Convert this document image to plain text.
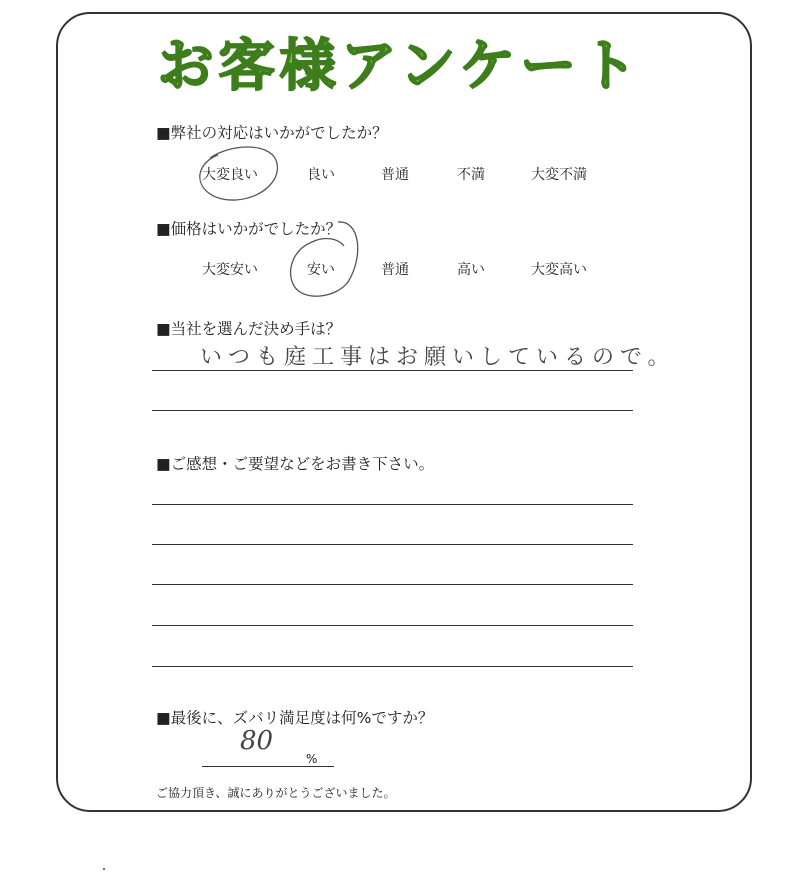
お客様アンケート
■弊社の対応はいかがでしたか？
大変良い	良い	普通	不満	大変不満
■価格はいかがでしたか？
大変安い	安い	普通	高い	大変高い
■当社を選んだ決め手は？
いつも庭工事はお願いしているので。
■ご感想・ご要望などをお書き下さい。
■最後に、ズバリ満足度は何%ですか？
80
%
ご協力頂き、誠にありがとうございました。
